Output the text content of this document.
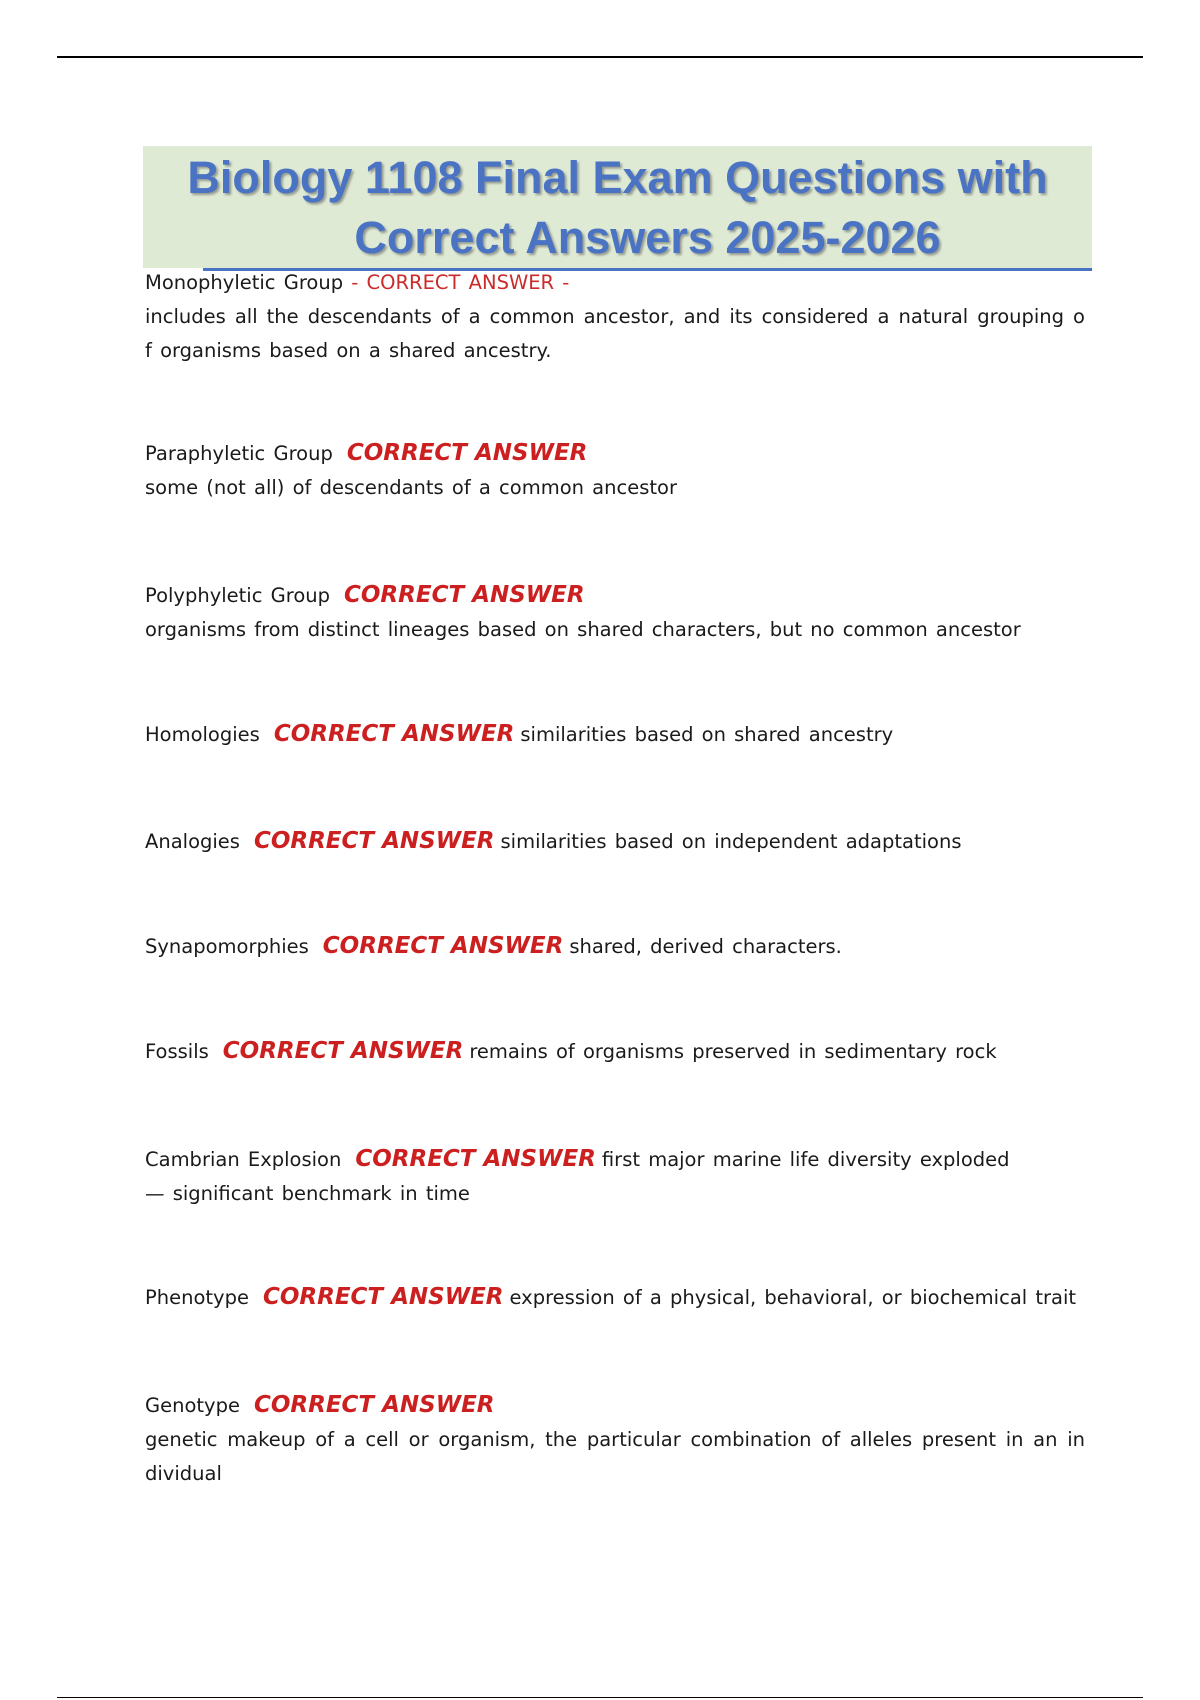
Biology 1108 Final Exam Questions with
Correct Answers 2025-2026
Monophyletic Group - CORRECT ANSWER -
includes all the descendants of a common ancestor, and its considered a natural grouping o f organisms based on a shared ancestry.
Paraphyletic Group CORRECT ANSWER
some (not all) of descendants of a common ancestor
Polyphyletic Group CORRECT ANSWER
organisms from distinct lineages based on shared characters, but no common ancestor
Homologies CORRECT ANSWER similarities based on shared ancestry
Analogies CORRECT ANSWER similarities based on independent adaptations
Synapomorphies CORRECT ANSWER shared, derived characters.
Fossils CORRECT ANSWER remains of organisms preserved in sedimentary rock
Cambrian Explosion CORRECT ANSWER first major marine life diversity exploded— significant benchmark in time
Phenotype CORRECT ANSWER expression of a physical, behavioral, or biochemical trait
Genotype CORRECT ANSWER
genetic makeup of a cell or organism, the particular combination of alleles present in an in dividual
